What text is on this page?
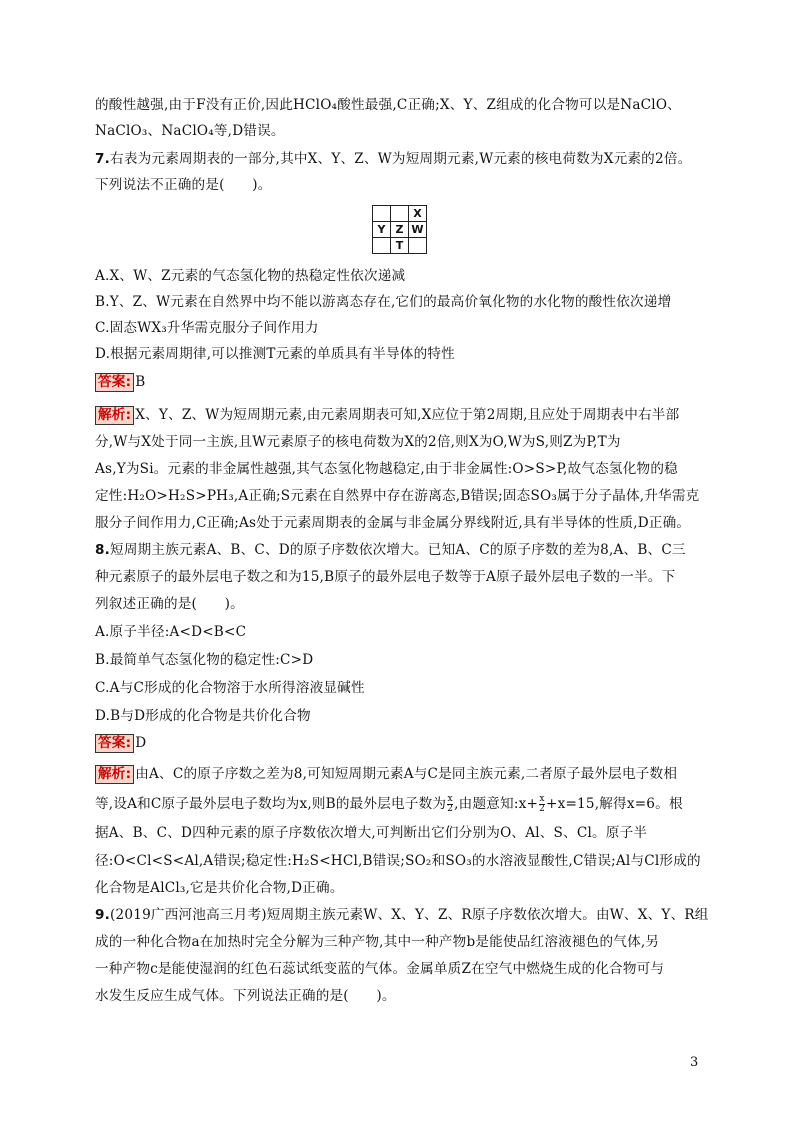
的酸性越强,由于F没有正价,因此HClO₄酸性最强,C正确;X、Y、Z组成的化合物可以是NaClO、
NaClO₃、NaClO₄等,D错误。
7.右表为元素周期表的一部分,其中X、Y、Z、W为短周期元素,W元素的核电荷数为X元素的2倍。
下列说法不正确的是(　　)。
		X
Y	Z	W
	T	
A.X、W、Z元素的气态氢化物的热稳定性依次递减
B.Y、Z、W元素在自然界中均不能以游离态存在,它们的最高价氧化物的水化物的酸性依次递增
C.固态WX₃升华需克服分子间作用力
D.根据元素周期律,可以推测T元素的单质具有半导体的特性
答案: B
解析: X、Y、Z、W为短周期元素,由元素周期表可知,X应位于第2周期,且应处于周期表中右半部
分,W与X处于同一主族,且W元素原子的核电荷数为X的2倍,则X为O,W为S,则Z为P,T为
As,Y为Si。元素的非金属性越强,其气态氢化物越稳定,由于非金属性:O>S>P,故气态氢化物的稳
定性:H₂O>H₂S>PH₃,A正确;S元素在自然界中存在游离态,B错误;固态SO₃属于分子晶体,升华需克
服分子间作用力,C正确;As处于元素周期表的金属与非金属分界线附近,具有半导体的性质,D正确。
8.短周期主族元素A、B、C、D的原子序数依次增大。已知A、C的原子序数的差为8,A、B、C三
种元素原子的最外层电子数之和为15,B原子的最外层电子数等于A原子最外层电子数的一半。下
列叙述正确的是(　　)。
A.原子半径:A<D<B<C
B.最简单气态氢化物的稳定性:C>D
C.A与C形成的化合物溶于水所得溶液显碱性
D.B与D形成的化合物是共价化合物
答案: D
解析: 由A、C的原子序数之差为8,可知短周期元素A与C是同主族元素,二者原子最外层电子数相
等,设A和C原子最外层电子数均为x,则B的最外层电子数为 $\frac{x}{2}$ ,由题意知:x+ $\frac{x}{2} +x=15$,解得x=6。根
据A、B、C、D四种元素的原子序数依次增大,可判断出它们分别为O、Al、S、Cl。原子半
径:O<Cl<S<Al,A错误;稳定性:H₂S<HCl,B错误;SO₂和SO₃的水溶液显酸性,C错误;Al与Cl形成的
化合物是AlCl₃,它是共价化合物,D正确。
9.(2019广西河池高三月考)短周期主族元素W、X、Y、Z、R原子序数依次增大。由W、X、Y、R组
成的一种化合物a在加热时完全分解为三种产物,其中一种产物b是能使品红溶液褪色的气体,另
一种产物c是能使湿润的红色石蕊试纸变蓝的气体。金属单质Z在空气中燃烧生成的化合物可与
水发生反应生成气体。下列说法正确的是(　　)。
3
